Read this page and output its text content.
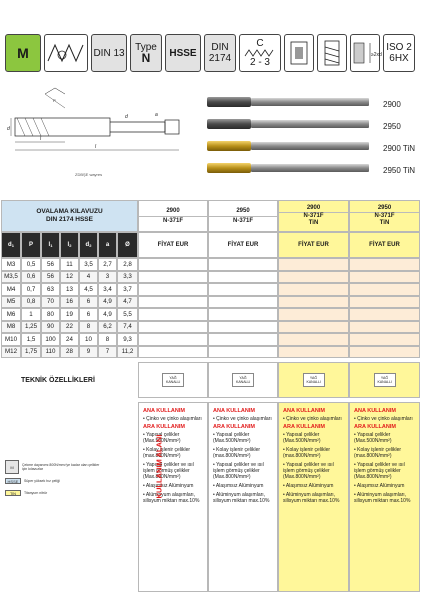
M	DIN 13 Type
N HSSE DIN
2174
C
2 - 3
≥2xd
ISO 2
6HX
d
l
l
a
d
P
ZDBŞE wayres
2900
2950
2900 TiN
2950 TiN
OVALAMA KILAVUZU
DIN 2174 HSSE
2900
N-371F
2950
N-371F
2900
N-371F
TiN
2950
N-371F
TiN
d 1	P	l 1	l 2 d 2 a	Ø	FİYAT EUR	FİYAT EUR	FİYAT EUR	FİYAT EUR
M3	0,5	56	11	3,5	2,7	2,8
M3,5	0,6	56	12	4	3	3,3
M4	0,7	63	13	4,5	3,4	3,7
M5	0,8	70	16	6	4,9	4,7
M6	1	80	19	6	4,9	5,5
M8	1,25	90	22	8	6,2	7,4
M10	1,5	100	24	10	8	9,3
M12	1,75	110	28	9	7	11,2
TEKNİK ÖZELLİKLERİ	YAĞ KANALLI
YAĞ KANALLI
YAĞ KANALLI
YAĞ KANALLI
KULLANIM ALANI
ANA KULLANIM
• Çinko ve çinko alaşımları
ARA KULLANIM
• Yapısal çelikler (Max.500N/mm²)
• Kolay işlenir çelikler (max.800N/mm²)
• Yapısal çelikler ve ısıl işlem görmüş çelikler (Max.800N/mm²)
• Alaşımsız Alüminyum
• Alüminyum alaşımları, silisyum miktarı max.10%
ANA KULLANIM
• Çinko ve çinko alaşımları
ARA KULLANIM
• Yapısal çelikler (Max.500N/mm²)
• Kolay işlenir çelikler (max.800N/mm²)
• Yapısal çelikler ve ısıl işlem görmüş çelikler (Max.800N/mm²)
• Alaşımsız Alüminyum
• Alüminyum alaşımları, silisyum miktarı max.10%
ANA KULLANIM
• Çinko ve çinko alaşımları
ARA KULLANIM
• Yapısal çelikler (Max.500N/mm²)
• Kolay işlenir çelikler (max.800N/mm²)
• Yapısal çelikler ve ısıl işlem görmüş çelikler (Max.800N/mm²)
• Alaşımsız Alüminyum
• Alüminyum alaşımları, silisyum miktarı max.10%
ANA KULLANIM
• Çinko ve çinko alaşımları
ARA KULLANIM
• Yapısal çelikler (Max.500N/mm²)
• Kolay işlenir çelikler (max.800N/mm²)
• Yapısal çelikler ve ısıl işlem görmüş çelikler (Max.800N/mm²)
• Alaşımsız Alüminyum
• Alüminyum alaşımları, silisyum miktarı max.10%
M	Çekme dayanımı 800N/mm²'ye kadar olan çelikler için kılavuzlar
HSSE	Süper yüksek hız çeliği
TiN	Titanyum nitrür
